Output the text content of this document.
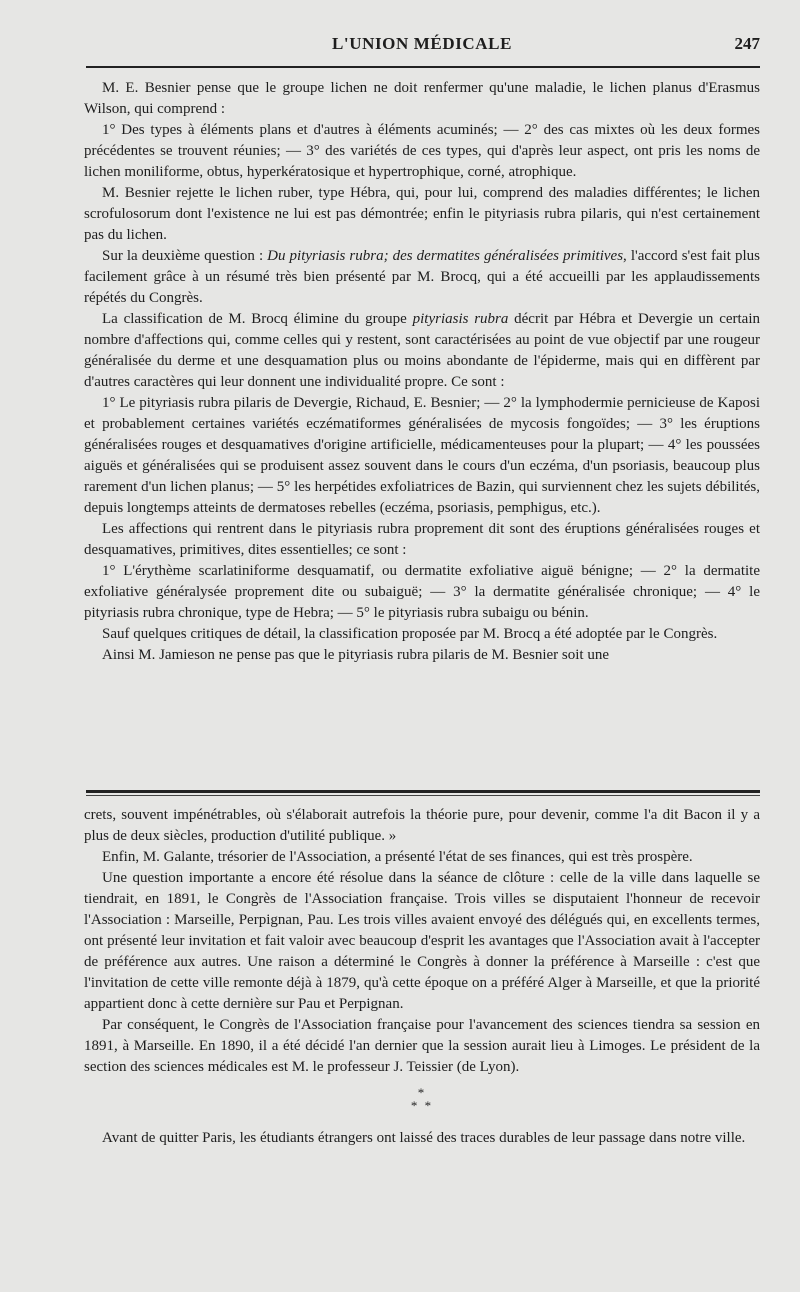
L'UNION MÉDICALE	247

M. E. Besnier pense que le groupe lichen ne doit renfermer qu'une maladie, le lichen planus d'Erasmus Wilson, qui comprend :

1° Des types à éléments plans et d'autres à éléments acuminés; — 2° des cas mixtes où les deux formes précédentes se trouvent réunies; — 3° des variétés de ces types, qui d'après leur aspect, ont pris les noms de lichen moniliforme, obtus, hyperkératosique et hypertrophique, corné, atrophique.

M. Besnier rejette le lichen ruber, type Hébra, qui, pour lui, comprend des maladies différentes; le lichen scrofulosorum dont l'existence ne lui est pas démontrée; enfin le pityriasis rubra pilaris, qui n'est certainement pas du lichen.

Sur la deuxième question : Du pityriasis rubra; des dermatites généralisées primitives, l'accord s'est fait plus facilement grâce à un résumé très bien présenté par M. Brocq, qui a été accueilli par les applaudissements répétés du Congrès.

La classification de M. Brocq élimine du groupe pityriasis rubra décrit par Hébra et Devergie un certain nombre d'affections qui, comme celles qui y restent, sont caractérisées au point de vue objectif par une rougeur généralisée du derme et une desquamation plus ou moins abondante de l'épiderme, mais qui en diffèrent par d'autres caractères qui leur donnent une individualité propre. Ce sont :

1° Le pityriasis rubra pilaris de Devergie, Richaud, E. Besnier; — 2° la lymphodermie pernicieuse de Kaposi et probablement certaines variétés eczématiformes généralisées de mycosis fongoïdes; — 3° les éruptions généralisées rouges et desquamatives d'origine artificielle, médicamenteuses pour la plupart; — 4° les poussées aiguës et généralisées qui se produisent assez souvent dans le cours d'un eczéma, d'un psoriasis, beaucoup plus rarement d'un lichen planus; — 5° les herpétides exfoliatrices de Bazin, qui surviennent chez les sujets débilités, depuis longtemps atteints de dermatoses rebelles (eczéma, psoriasis, pemphigus, etc.).

Les affections qui rentrent dans le pityriasis rubra proprement dit sont des éruptions généralisées rouges et desquamatives, primitives, dites essentielles; ce sont :

1° L'érythème scarlatiniforme desquamatif, ou dermatite exfoliative aiguë bénigne; — 2° la dermatite exfoliative généralysée proprement dite ou subaiguë; — 3° la dermatite généralisée chronique; — 4° le pityriasis rubra chronique, type de Hebra; — 5° le pityriasis rubra subaigu ou bénin.

Sauf quelques critiques de détail, la classification proposée par M. Brocq a été adoptée par le Congrès.

Ainsi M. Jamieson ne pense pas que le pityriasis rubra pilaris de M. Besnier soit une

crets, souvent impénétrables, où s'élaborait autrefois la théorie pure, pour devenir, comme l'a dit Bacon il y a plus de deux siècles, production d'utilité publique. »

Enfin, M. Galante, trésorier de l'Association, a présenté l'état de ses finances, qui est très prospère.

Une question importante a encore été résolue dans la séance de clôture : celle de la ville dans laquelle se tiendrait, en 1891, le Congrès de l'Association française. Trois villes se disputaient l'honneur de recevoir l'Association : Marseille, Perpignan, Pau. Les trois villes avaient envoyé des délégués qui, en excellents termes, ont présenté leur invitation et fait valoir avec beaucoup d'esprit les avantages que l'Association avait à l'accepter de préférence aux autres. Une raison a déterminé le Congrès à donner la préférence à Marseille : c'est que l'invitation de cette ville remonte déjà à 1879, qu'à cette époque on a préféré Alger à Marseille, et que la priorité appartient donc à cette dernière sur Pau et Perpignan.

Par conséquent, le Congrès de l'Association française pour l'avancement des sciences tiendra sa session en 1891, à Marseille. En 1890, il a été décidé l'an dernier que la session aurait lieu à Limoges. Le président de la section des sciences médicales est M. le professeur J. Teissier (de Lyon).

*
* *

Avant de quitter Paris, les étudiants étrangers ont laissé des traces durables de leur passage dans notre ville.
